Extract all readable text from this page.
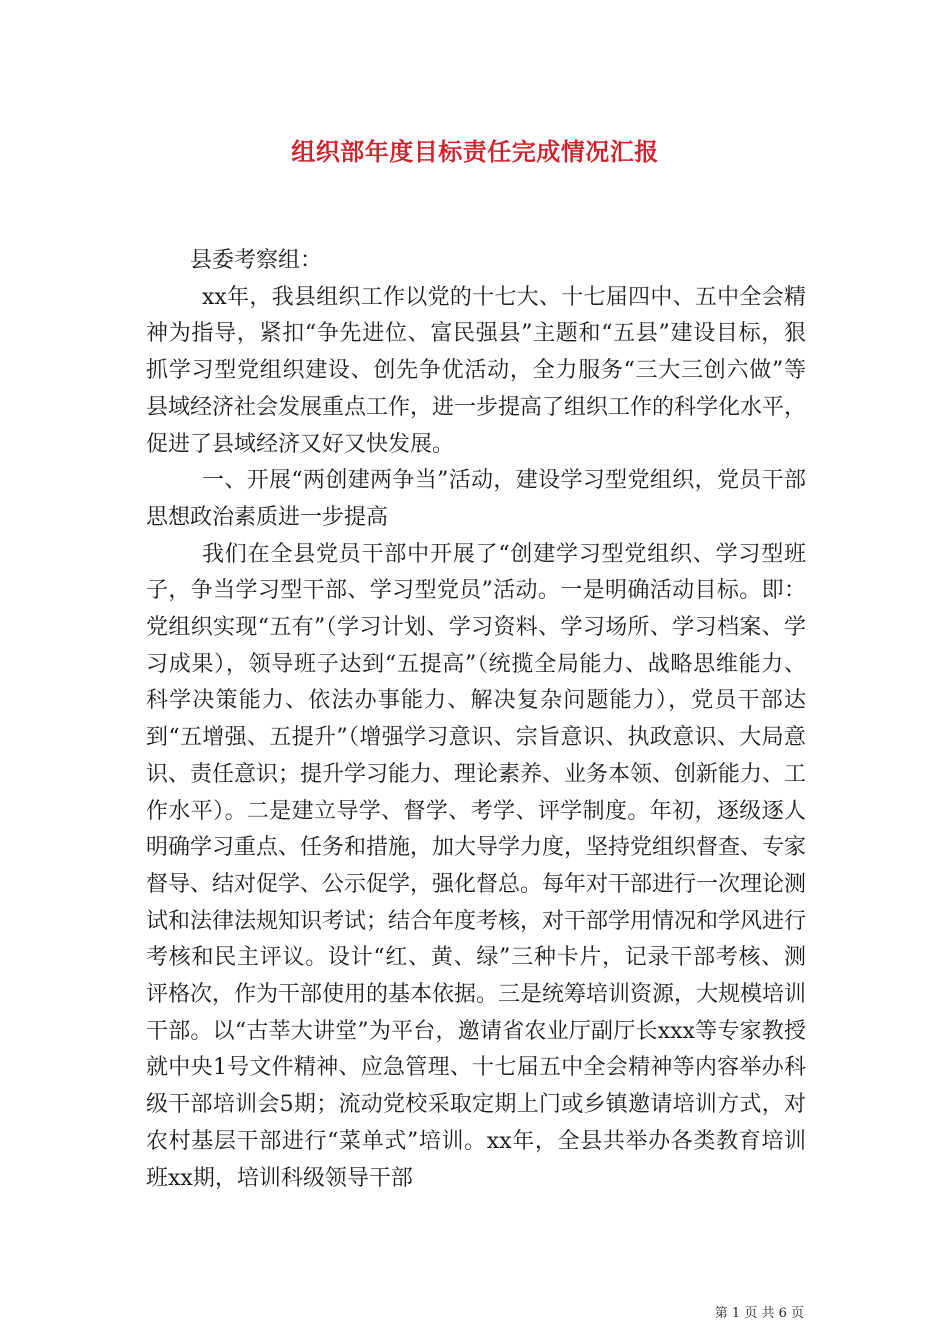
组织部年度目标责任完成情况汇报

县委考察组：

xx年，我县组织工作以党的十七大、十七届四中、五中全会精神为指导，紧扣“争先进位、富民强县”主题和“五县”建设目标，狠抓学习型党组织建设、创先争优活动，全力服务“三大三创六做”等县域经济社会发展重点工作，进一步提高了组织工作的科学化水平，促进了县域经济又好又快发展。

一、开展“两创建两争当”活动，建设学习型党组织，党员干部思想政治素质进一步提高

我们在全县党员干部中开展了“创建学习型党组织、学习型班子，争当学习型干部、学习型党员”活动。一是明确活动目标。即：党组织实现“五有”（学习计划、学习资料、学习场所、学习档案、学习成果），领导班子达到“五提高”（统揽全局能力、战略思维能力、科学决策能力、依法办事能力、解决复杂问题能力），党员干部达到“五增强、五提升”（增强学习意识、宗旨意识、执政意识、大局意识、责任意识；提升学习能力、理论素养、业务本领、创新能力、工作水平）。二是建立导学、督学、考学、评学制度。年初，逐级逐人明确学习重点、任务和措施，加大导学力度，坚持党组织督查、专家督导、结对促学、公示促学，强化督总。每年对干部进行一次理论测试和法律法规知识考试；结合年度考核，对干部学用情况和学风进行考核和民主评议。设计“红、黄、绿”三种卡片，记录干部考核、测评格次，作为干部使用的基本依据。三是统筹培训资源，大规模培训干部。以“古莘大讲堂”为平台，邀请省农业厅副厅长xxx等专家教授就中央1号文件精神、应急管理、十七届五中全会精神等内容举办科级干部培训会5期；流动党校采取定期上门或乡镇邀请培训方式，对农村基层干部进行“菜单式”培训。xx年，全县共举办各类教育培训班xx期，培训科级领导干部

第 1 页 共 6 页
